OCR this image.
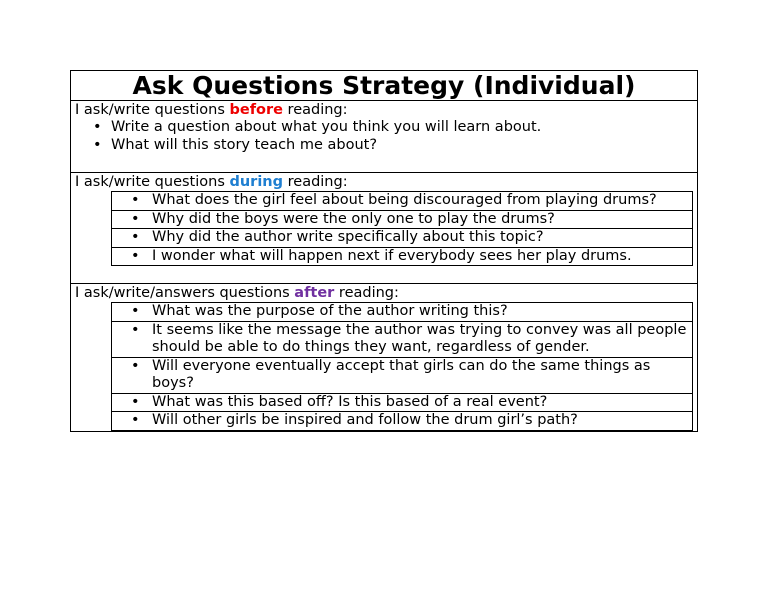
Ask Questions Strategy (Individual)

I ask/write questions before reading:

• Write a question about what you think you will learn about.
• What will this story teach me about?

I ask/write questions during reading:

• What does the girl feel about being discouraged from playing drums?
• Why did the boys were the only one to play the drums?
• Why did the author write specifically about this topic?
• I wonder what will happen next if everybody sees her play drums.

I ask/write/answers questions after reading:

• What was the purpose of the author writing this?
• It seems like the message the author was trying to convey was all people should be able to do things they want, regardless of gender.
• Will everyone eventually accept that girls can do the same things as boys?
• What was this based off? Is this based of a real event?
• Will other girls be inspired and follow the drum girl’s path?
